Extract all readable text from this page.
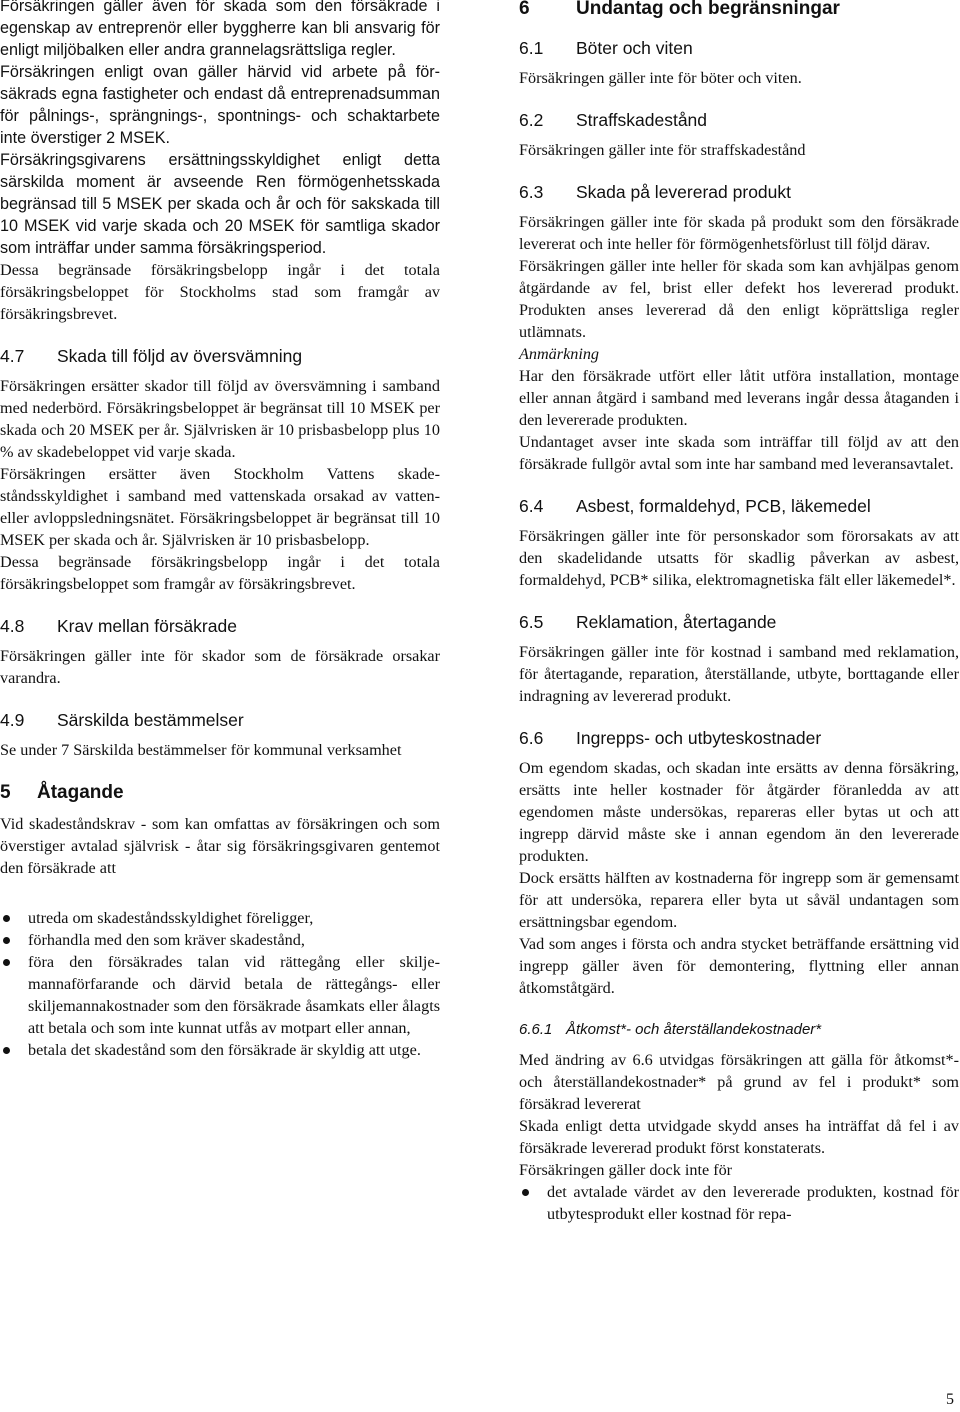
Försäkringen gäller även för skada som den försäkrade i egenskap av entreprenör eller byggherre kan bli ansvarig för enligt miljöbalken eller andra grannelagsrättsliga regler.

Försäkringen enligt ovan gäller härvid vid arbete på försäkrads egna fastigheter och endast då entreprenadsumman för pålnings-, sprängnings-, spontnings- och schaktarbete inte överstiger 2 MSEK.

Försäkringsgivarens ersättningsskyldighet enligt detta särskilda moment är avseende Ren förmögenhetsskada begränsad till 5 MSEK per skada och år och för sakskada till 10 MSEK vid varje skada och 20 MSEK för samtliga skador som inträffar under samma försäkringsperiod.

Dessa begränsade försäkringsbelopp ingår i det totala försäkringsbeloppet för Stockholms stad som framgår av försäkringsbrevet.

4.7	Skada till följd av översvämning

Försäkringen ersätter skador till följd av översvämning i samband med nederbörd. Försäkringsbeloppet är begränsat till 10 MSEK per skada och 20 MSEK per år. Självrisken är 10 prisbasbelopp plus 10 % av skadebeloppet vid varje skada.

Försäkringen ersätter även Stockholm Vattens skadeståndsskyldighet i samband med vattenskada orsakad av vatten- eller avloppsledningsnätet. Försäkringsbeloppet är begränsat till 10 MSEK per skada och år. Självrisken är 10 prisbasbelopp.

Dessa begränsade försäkringsbelopp ingår i det totala försäkringsbeloppet som framgår av försäkringsbrevet.

4.8	Krav mellan försäkrade

Försäkringen gäller inte för skador som de försäkrade orsakar varandra.

4.9	Särskilda bestämmelser

Se under 7 Särskilda bestämmelser för kommunal verksamhet

5	Åtagande

Vid skadeståndskrav - som kan omfattas av försäkringen och som överstiger avtalad självrisk - åtar sig försäkringsgivaren gentemot den försäkrade att

utreda om skadeståndsskyldighet föreligger,
förhandla med den som kräver skadestånd,
föra den försäkrades talan vid rättegång eller skiljemannaförfarande och därvid betala de rättegångs- eller skiljemannakostnader som den försäkrade åsamkats eller ålagts att betala och som inte kunnat utfås av motpart eller annan,
betala det skadestånd som den försäkrade är skyldig att utge.
6	Undantag och begränsningar
6.1	Böter och viten

Försäkringen gäller inte för böter och viten.

6.2	Straffskadestånd

Försäkringen gäller inte för straffskadestånd

6.3	Skada på levererad produkt

Försäkringen gäller inte för skada på produkt som den försäkrade levererat och inte heller för förmögenhetsförlust till följd därav.

Försäkringen gäller inte heller för skada som kan avhjälpas genom åtgärdande av fel, brist eller defekt hos levererad produkt. Produkten anses levererad då den enligt köprättsliga regler utlämnats.

Anmärkning

Har den försäkrade utfört eller låtit utföra installation, montage eller annan åtgärd i samband med leverans ingår dessa åtaganden i den levererade produkten.

Undantaget avser inte skada som inträffar till följd av att den försäkrade fullgör avtal som inte har samband med leveransavtalet.

6.4	Asbest, formaldehyd, PCB, läkemedel

Försäkringen gäller inte för personskador som förorsakats av att den skadelidande utsatts för skadlig påverkan av asbest, formaldehyd, PCB* silika, elektromagnetiska fält eller läkemedel*.

6.5	Reklamation, återtagande

Försäkringen gäller inte för kostnad i samband med reklamation, för återtagande, reparation, återställande, utbyte, borttagande eller indragning av levererad produkt.

6.6	Ingrepps- och utbyteskostnader

Om egendom skadas, och skadan inte ersätts av denna försäkring, ersätts inte heller kostnader för åtgärder föranledda av att egendomen måste undersökas, repareras eller bytas ut och att ingrepp därvid måste ske i annan egendom än den levererade produkten.

Dock ersätts hälften av kostnaderna för ingrepp som är gemensamt för att undersöka, reparera eller byta ut såväl undantagen som ersättningsbar egendom.

Vad som anges i första och andra stycket beträffande ersättning vid ingrepp gäller även för demontering, flyttning eller annan åtkomståtgärd.

6.6.1 Åtkomst*- och återställandekostnader*

Med ändring av 6.6 utvidgas försäkringen att gälla för åtkomst*- och återställandekostnader* på grund av fel i produkt* som försäkrad levererat

Skada enligt detta utvidgade skydd anses ha inträffat då fel i av försäkrade levererad produkt först konstaterats.

Försäkringen gäller dock inte för

det avtalade värdet av den levererade produkten, kostnad för utbytesprodukt eller kostnad för repa-
5
